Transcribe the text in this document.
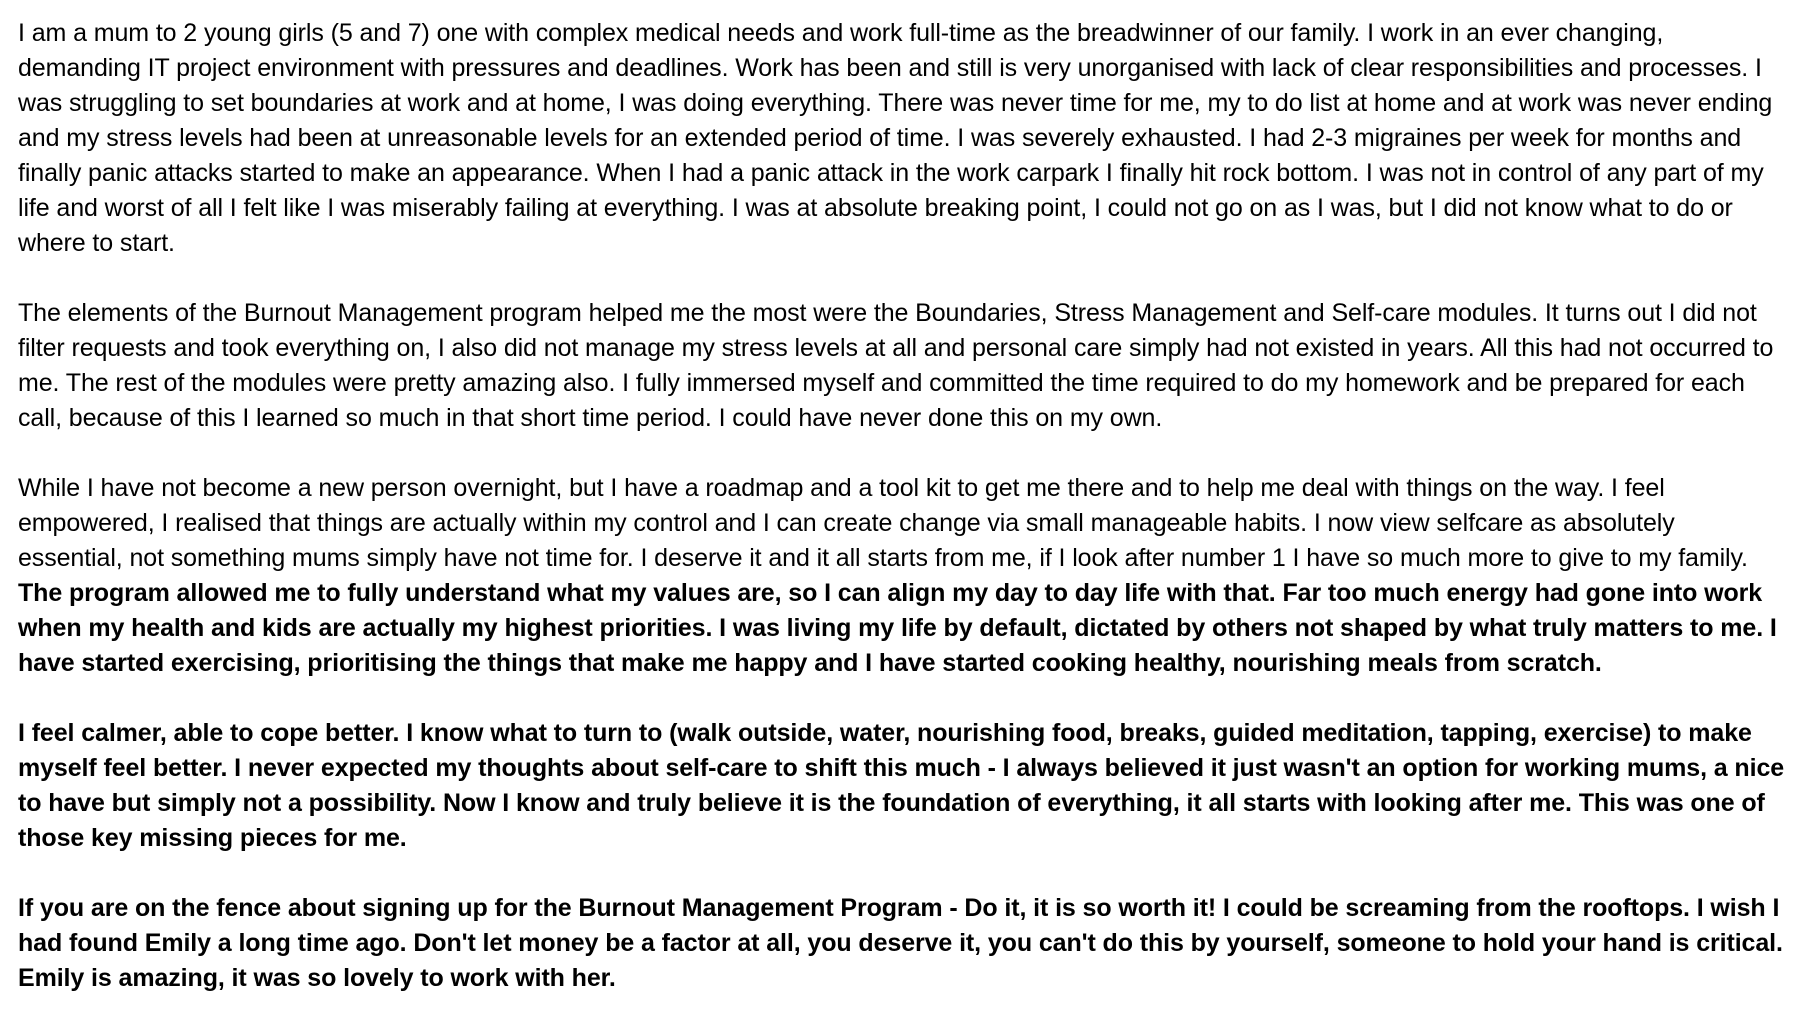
I am a mum to 2 young girls (5 and 7) one with complex medical needs and work full-time as the breadwinner of our family. I work in an ever changing, demanding IT project environment with pressures and deadlines. Work has been and still is very unorganised with lack of clear responsibilities and processes. I was struggling to set boundaries at work and at home, I was doing everything. There was never time for me, my to do list at home and at work was never ending and my stress levels had been at unreasonable levels for an extended period of time. I was severely exhausted. I had 2-3 migraines per week for months and finally panic attacks started to make an appearance. When I had a panic attack in the work carpark I finally hit rock bottom. I was not in control of any part of my life and worst of all I felt like I was miserably failing at everything. I was at absolute breaking point, I could not go on as I was, but I did not know what to do or where to start.

The elements of the Burnout Management program helped me the most were the Boundaries, Stress Management and Self-care modules. It turns out I did not filter requests and took everything on, I also did not manage my stress levels at all and personal care simply had not existed in years. All this had not occurred to me. The rest of the modules were pretty amazing also. I fully immersed myself and committed the time required to do my homework and be prepared for each call, because of this I learned so much in that short time period. I could have never done this on my own.

While I have not become a new person overnight, but I have a roadmap and a tool kit to get me there and to help me deal with things on the way. I feel empowered, I realised that things are actually within my control and I can create change via small manageable habits. I now view selfcare as absolutely essential, not something mums simply have not time for. I deserve it and it all starts from me, if I look after number 1 I have so much more to give to my family. The program allowed me to fully understand what my values are, so I can align my day to day life with that. Far too much energy had gone into work when my health and kids are actually my highest priorities. I was living my life by default, dictated by others not shaped by what truly matters to me. I have started exercising, prioritising the things that make me happy and I have started cooking healthy, nourishing meals from scratch.

I feel calmer, able to cope better. I know what to turn to (walk outside, water, nourishing food, breaks, guided meditation, tapping, exercise) to make myself feel better. I never expected my thoughts about self-care to shift this much - I always believed it just wasn't an option for working mums, a nice to have but simply not a possibility. Now I know and truly believe it is the foundation of everything, it all starts with looking after me. This was one of those key missing pieces for me.

If you are on the fence about signing up for the Burnout Management Program - Do it, it is so worth it! I could be screaming from the rooftops. I wish I had found Emily a long time ago. Don't let money be a factor at all, you deserve it, you can't do this by yourself, someone to hold your hand is critical. Emily is amazing, it was so lovely to work with her.
